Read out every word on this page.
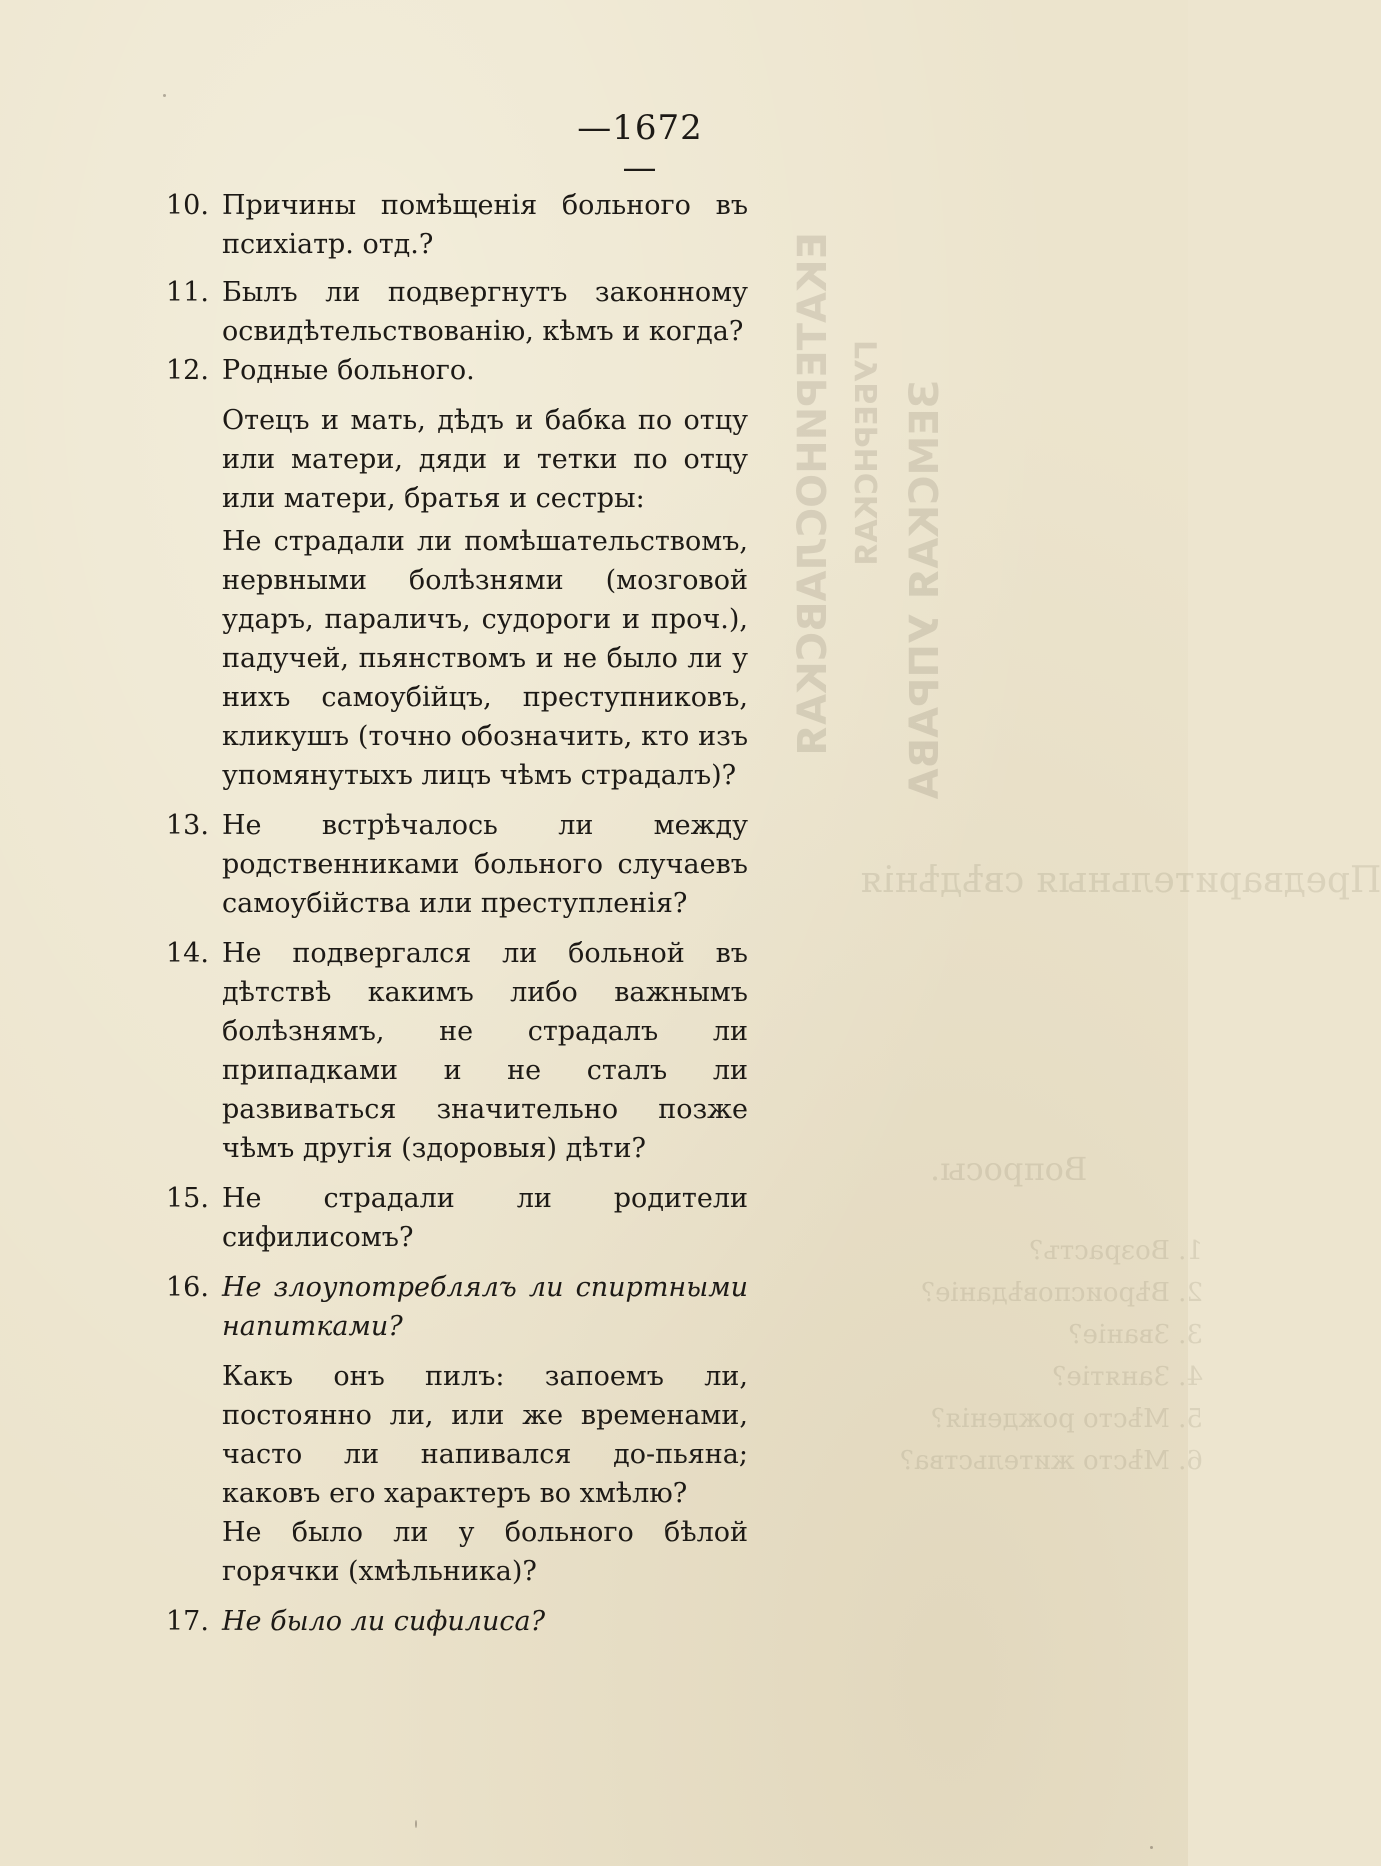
ЕКАТЕРИНОСЛАВСКАЯ ГУБЕРНСКАЯ ЗЕМСКАЯ УПРАВА
Предварительныя свѣдѣнія
Вопросы.
1. Возрастъ?
2. Вѣроисповѣданіе?
3. Званіе?
4. Занятіе?
5. Мѣсто рожденія?
6. Мѣсто жительства?
—1672—
10. Причины помѣщенія больного въ психіатр. отд.?
11. Былъ ли подвергнутъ законному освидѣтельствованію, кѣмъ и когда?
12. Родные больного.
Отецъ и мать, дѣдъ и бабка по отцу или матери, дяди и тетки по отцу или матери, братья и сестры:
Не страдали ли помѣшательствомъ, нервными болѣзнями (мозговой ударъ, параличъ, судороги и проч.), падучей, пьянствомъ и не было ли у нихъ самоубійцъ, преступниковъ, кликушъ (точно обозначить, кто изъ упомянутыхъ лицъ чѣмъ страдалъ)?
13. Не встрѣчалось ли между родственниками больного случаевъ самоубійства или преступленія?
14. Не подвергался ли больной въ дѣтствѣ какимъ либо важнымъ болѣзнямъ, не страдалъ ли припадками и не сталъ ли развиваться значительно позже чѣмъ другія (здоровыя) дѣти?
15. Не страдали ли родители сифилисомъ?
16. Не злоупотреблялъ ли спиртными напитками?
Какъ онъ пилъ: запоемъ ли, постоянно ли, или же временами, часто ли напивался до-пьяна; каковъ его характеръ во хмѣлю?
Не было ли у больного бѣлой горячки (хмѣльника)?
17. Не было ли сифилиса?
